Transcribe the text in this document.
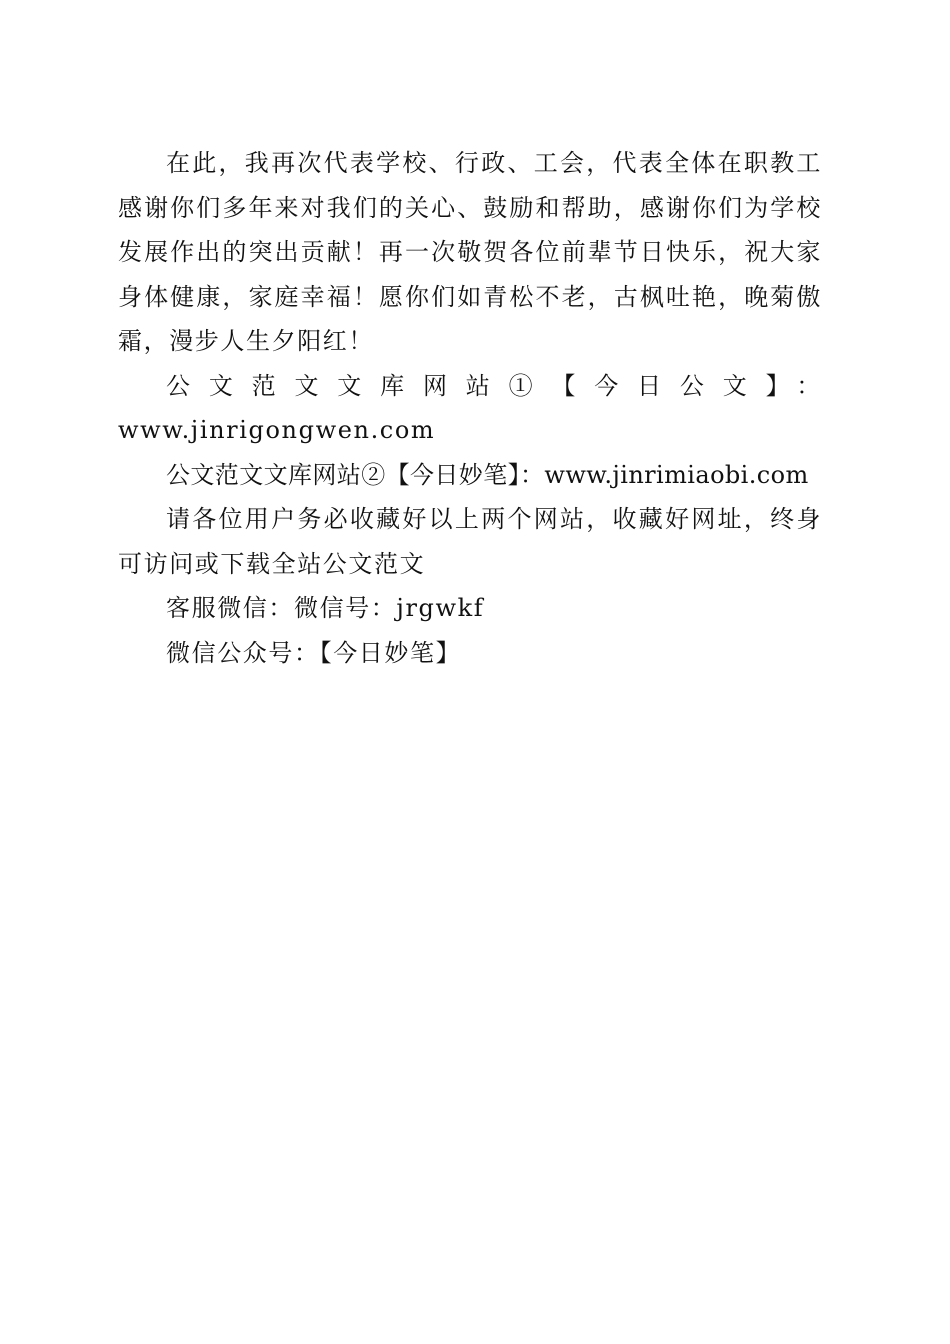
在此，我再次代表学校、行政、工会，代表全体在职教工感谢你们多年来对我们的关心、鼓励和帮助，感谢你们为学校发展作出的突出贡献！再一次敬贺各位前辈节日快乐，祝大家身体健康，家庭幸福！愿你们如青松不老，古枫吐艳，晚菊傲霜，漫步人生夕阳红！

公文范文文库网站①【今日公文】：

www.jinrigongwen.com

公文范文文库网站②【今日妙笔】：www.jinrimiaobi.com

请各位用户务必收藏好以上两个网站，收藏好网址，终身可访问或下载全站公文范文

客服微信：微信号：jrgwkf

微信公众号：【今日妙笔】
